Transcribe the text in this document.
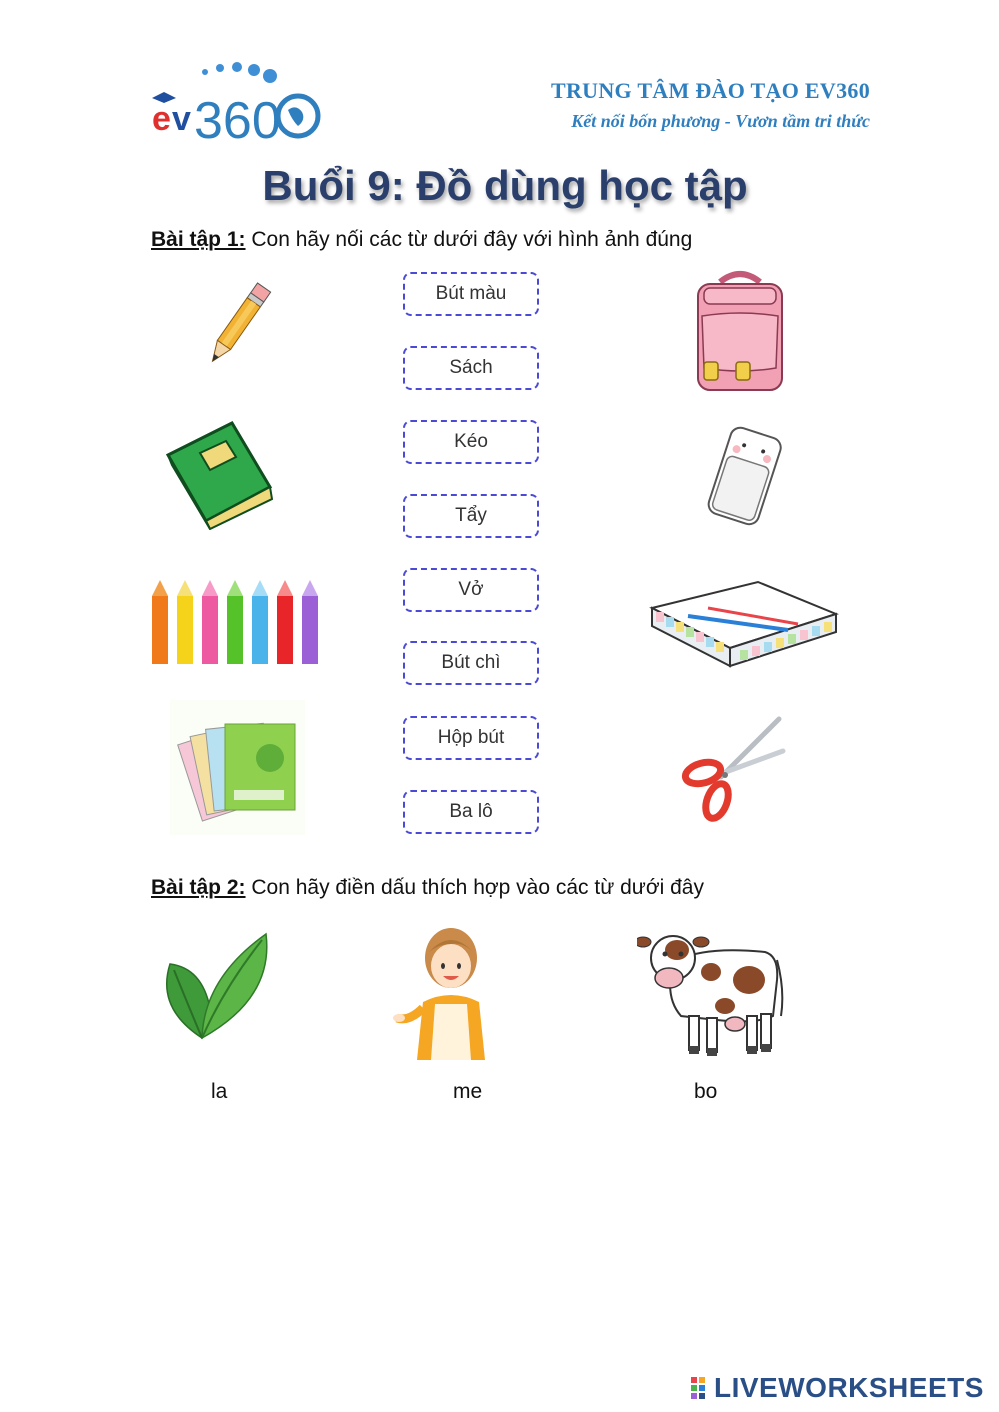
e v 360
TRUNG TÂM ĐÀO TẠO EV360
Kết nối bốn phương - Vươn tầm tri thức
Buổi 9: Đồ dùng học tập
Bài tập 1: Con hãy nối các từ dưới đây với hình ảnh đúng
Bút màu
Sách
Kéo
Tẩy
Vở
Bút chì
Hộp bút
Ba lô
Bài tập 2: Con hãy điền dấu thích hợp vào các từ dưới đây
la	me	bo
LIVEWORKSHEETS
